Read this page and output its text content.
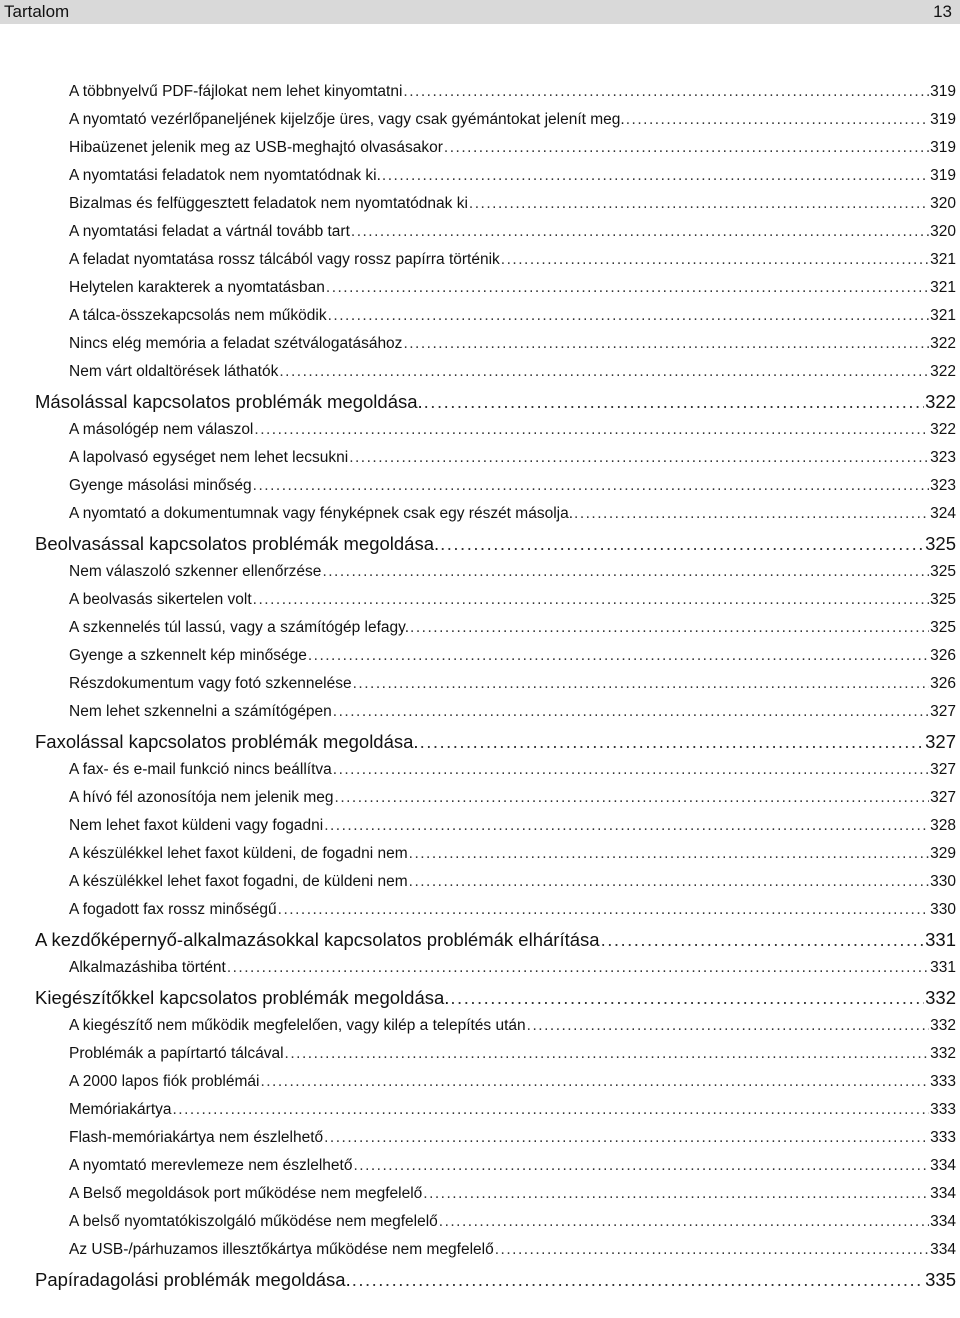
Tartalom	13
A többnyelvű PDF-fájlokat nem lehet kinyomtatni .....	319
A nyomtató vezérlőpaneljének kijelzője üres, vagy csak gyémántokat jelenít meg. .....	319
Hibaüzenet jelenik meg az USB-meghajtó olvasásakor .....	319
A nyomtatási feladatok nem nyomtatódnak ki. .....	319
Bizalmas és felfüggesztett feladatok nem nyomtatódnak ki .....	320
A nyomtatási feladat a vártnál tovább tart .....	320
A feladat nyomtatása rossz tálcából vagy rossz papírra történik .....	321
Helytelen karakterek a nyomtatásban .....	321
A tálca-összekapcsolás nem működik .....	321
Nincs elég memória a feladat szétválogatásához .....	322
Nem várt oldaltörések láthatók .....	322
Másolással kapcsolatos problémák megoldása. .....	322
A másológép nem válaszol .....	322
A lapolvasó egységet nem lehet lecsukni .....	323
Gyenge másolási minőség .....	323
A nyomtató a dokumentumnak vagy fényképnek csak egy részét másolja. .....	324
Beolvasással kapcsolatos problémák megoldása. .....	325
Nem válaszoló szkenner ellenőrzése .....	325
A beolvasás sikertelen volt .....	325
A szkennelés túl lassú, vagy a számítógép lefagy. .....	325
Gyenge a szkennelt kép minősége .....	326
Részdokumentum vagy fotó szkennelése .....	326
Nem lehet szkennelni a számítógépen .....	327
Faxolással kapcsolatos problémák megoldása. .....	327
A fax- és e-mail funkció nincs beállítva .....	327
A hívó fél azonosítója nem jelenik meg .....	327
Nem lehet faxot küldeni vagy fogadni .....	328
A készülékkel lehet faxot küldeni, de fogadni nem .....	329
A készülékkel lehet faxot fogadni, de küldeni nem .....	330
A fogadott fax rossz minőségű .....	330
A kezdőképernyő-alkalmazásokkal kapcsolatos problémák elhárítása .....	331
Alkalmazáshiba történt .....	331
Kiegészítőkkel kapcsolatos problémák megoldása. .....	332
A kiegészítő nem működik megfelelően, vagy kilép a telepítés után .....	332
Problémák a papírtartó tálcával .....	332
A 2000 lapos fiók problémái .....	333
Memóriakártya .....	333
Flash-memóriakártya nem észlelhető .....	333
A nyomtató merevlemeze nem észlelhető .....	334
A Belső megoldások port működése nem megfelelő .....	334
A belső nyomtatókiszolgáló működése nem megfelelő .....	334
Az USB-/párhuzamos illesztőkártya működése nem megfelelő .....	334
Papíradagolási problémák megoldása. .....	335
